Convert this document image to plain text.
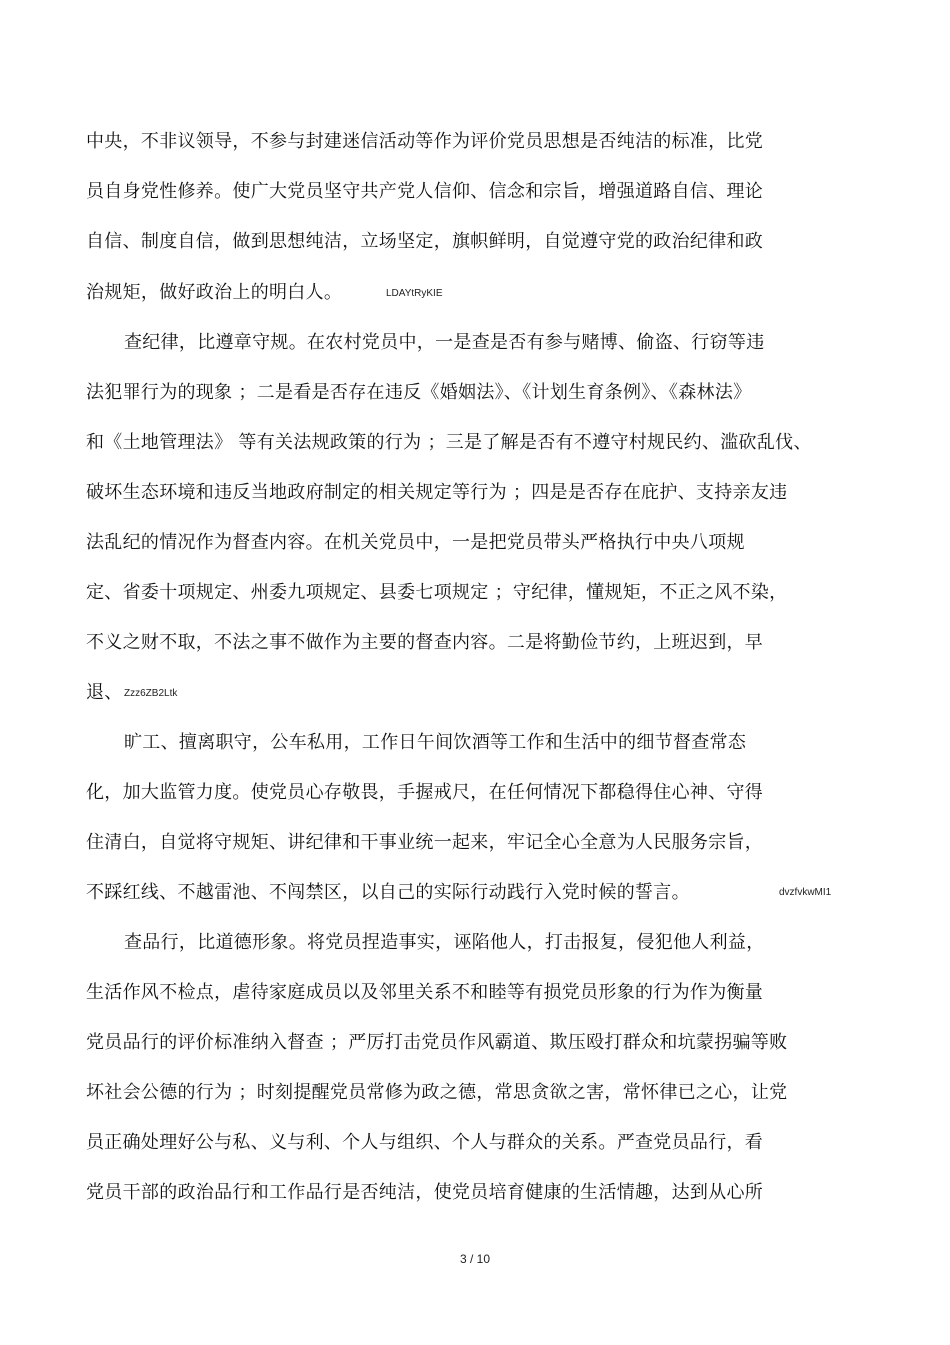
中央，不非议领导，不参与封建迷信活动等作为评价党员思想是否纯洁的标准，比党
员自身党性修养。使广大党员坚守共产党人信仰、信念和宗旨，增强道路自信、理论
自信、制度自信，做到思想纯洁，立场坚定，旗帜鲜明，自觉遵守党的政治纪律和政
治规矩，做好政治上的明白人。	LDAYtRyKIE
查纪律，比遵章守规。在农村党员中，一是查是否有参与赌博、偷盗、行窃等违
法犯罪行为的现象 ；二是看是否存在违反《婚姻法》、《计划生育条例》、《森林法》
和《土地管理法》 等有关法规政策的行为 ；三是了解是否有不遵守村规民约、滥砍乱伐、
破坏生态环境和违反当地政府制定的相关规定等行为 ；四是是否存在庇护、支持亲友违
法乱纪的情况作为督查内容。在机关党员中，一是把党员带头严格执行中央八项规
定、省委十项规定、州委九项规定、县委七项规定 ；守纪律，懂规矩，不正之风不染，
不义之财不取，不法之事不做作为主要的督查内容。二是将勤俭节约，上班迟到，早
退、 Zzz6ZB2Ltk
旷工、擅离职守，公车私用，工作日午间饮酒等工作和生活中的细节督查常态
化，加大监管力度。使党员心存敬畏，手握戒尺，在任何情况下都稳得住心神、守得
住清白，自觉将守规矩、讲纪律和干事业统一起来，牢记全心全意为人民服务宗旨，
不踩红线、不越雷池、不闯禁区，以自己的实际行动践行入党时候的誓言。	dvzfvkwMI1
查品行，比道德形象。将党员捏造事实，诬陷他人，打击报复，侵犯他人利益，
生活作风不检点，虐待家庭成员以及邻里关系不和睦等有损党员形象的行为作为衡量
党员品行的评价标准纳入督查 ；严厉打击党员作风霸道、欺压殴打群众和坑蒙拐骗等败
坏社会公德的行为 ；时刻提醒党员常修为政之德，常思贪欲之害，常怀律已之心，让党
员正确处理好公与私、义与利、个人与组织、个人与群众的关系。严查党员品行，看
党员干部的政治品行和工作品行是否纯洁，使党员培育健康的生活情趣，达到从心所
3 / 10
